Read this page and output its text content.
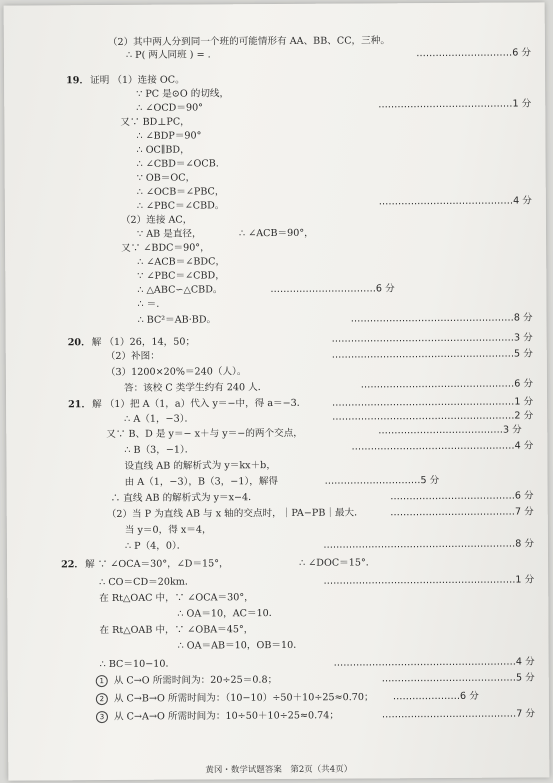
（2）其中两人分到同一个班的可能情形有 AA、BB、CC，三种。
∴ P( 两人同班 ) = .	…………………………6 分
19． 证明 （1）连接 OC。
∵ PC 是⊙O 的切线，
∴ ∠OCD＝90°	……………………………………1 分
又∵ BD⊥PC，
∴ ∠BDP＝90°
∴ OC∥BD，
∴ ∠CBD＝∠OCB.
∵ OB＝OC，
∴ ∠OCB＝∠PBC，
∴ ∠PBC＝∠CBD。	……………………………………4 分
（2）连接 AC，
∵ AB 是直径，	∴ ∠ACB＝90°，
又∵ ∠BDC＝90°，
∴ ∠ACB＝∠BDC，
∵ ∠PBC＝∠CBD，
∴ △ABC∽△CBD。	……………………………6 分
∴ ＝.
∴ BC²＝AB·BD。	……………………………………………8 分
20． 解 （1）26，14，50；	…………………………………………………3 分
（2）补图：	…………………………………………………5 分
（3）1200×20%＝240（人）。
答：该校 C 类学生约有 240 人．	…………………………………………6 分
21． 解 （1）把 A（1，a）代入 y＝−中，得 a＝−3．	…………………………………………………1 分
∴ A（1，−3）．	…………………………………………………2 分
又∵ B、D 是 y＝− x＋与 y＝−的两个交点，	…………………………………3 分
∴ B（3，−1）．	……………………………………………4 分
设直线 AB 的解析式为 y＝kx＋b，
由 A（1，−3），B（3，−1），解得	…………………………5 分
∴ 直线 AB 的解析式为 y＝x−4．	…………………………………6 分
（2）当 P 为直线 AB 与 x 轴的交点时，｜PA−PB｜最大．	…………………………………7 分
当 y＝0，得 x＝4，
∴ P（4，0）．	……………………………………………………8 分
22． 解 ∵ ∠OCA＝30°，∠D＝15°，	∴ ∠DOC＝15°．
∴ CO＝CD＝20km．	……………………………………………………1 分
在 Rt△OAC 中，∵ ∠OCA＝30°，
∴ OA＝10，AC＝10．
在 Rt△OAB 中，∵ ∠OBA＝45°，
∴ OA＝AB＝10，OB＝10．
∴ BC＝10−10．	…………………………………………………4 分
1 从 C→O 所需时间为：20÷25＝0.8；	……………………………………5 分
2 从 C→B→O 所需时间为：（10−10）÷50＋10÷25≈0.70； …………………6 分
3 从 C→A→O 所需时间为：10÷50＋10÷25≈0.74；	……………………………………7 分
黄冈・数学试题答案　第2页（共4页）
